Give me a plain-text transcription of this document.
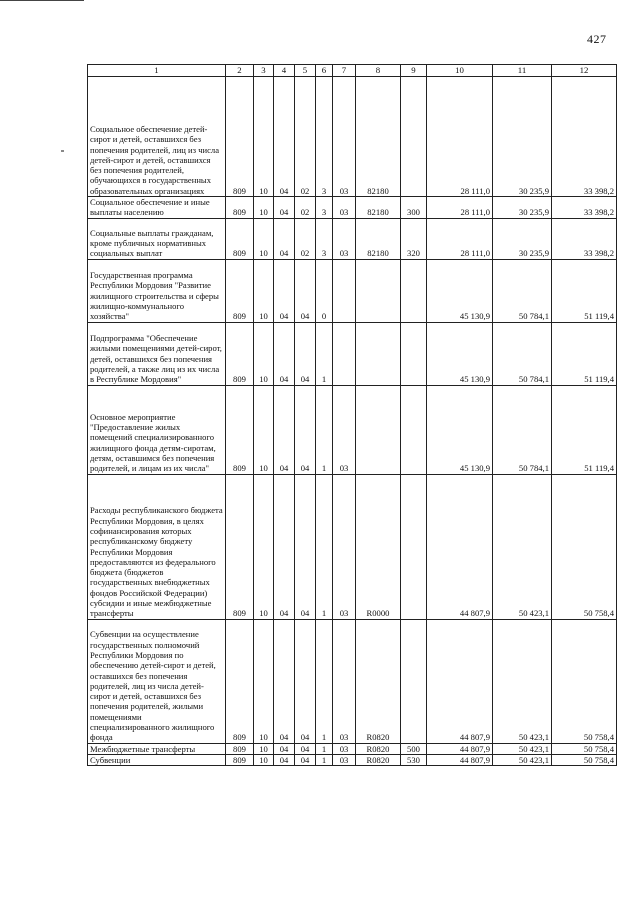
427
1	2	3	4	5	6	7	8	9	10	11	12
Социальное обеспечение детей-сирот и детей, оставшихся без попечения родителей, лиц из числа детей-сирот и детей, оставшихся без попечения родителей, обучающихся в государственных образовательных организациях	809	10	04	02	3	03	82180		28 111,0	30 235,9	33 398,2
Социальное обеспечение и иные выплаты населению	809	10	04	02	3	03	82180	300	28 111,0	30 235,9	33 398,2
Социальные выплаты гражданам, кроме публичных нормативных социальных выплат	809	10	04	02	3	03	82180	320	28 111,0	30 235,9	33 398,2
Государственная программа Республики Мордовия "Развитие жилищного строительства и сферы жилищно-коммунального хозяйства"	809	10	04	04	0				45 130,9	50 784,1	51 119,4
Подпрограмма "Обеспечение жилыми помещениями детей-сирот, детей, оставшихся без попечения родителей, а также лиц из их числа в Республике Мордовия"	809	10	04	04	1				45 130,9	50 784,1	51 119,4
Основное мероприятие "Предоставление жилых помещений специализированного жилищного фонда детям-сиротам, детям, оставшимся без попечения родителей, и лицам из их числа"	809	10	04	04	1	03			45 130,9	50 784,1	51 119,4
Расходы республиканского бюджета Республики Мордовия, в целях софинансирования которых республиканскому бюджету Республики Мордовия предоставляются из федерального бюджета (бюджетов государственных внебюджетных фондов Российской Федерации) субсидии и иные межбюджетные трансферты	809	10	04	04	1	03	R0000		44 807,9	50 423,1	50 758,4
Субвенции на осуществление государственных полномочий Республики Мордовия по обеспечению детей-сирот и детей, оставшихся без попечения родителей, лиц из числа детей-сирот и детей, оставшихся без попечения родителей, жилыми помещениями специализированного жилищного фонда	809	10	04	04	1	03	R0820		44 807,9	50 423,1	50 758,4
Межбюджетные трансферты	809	10	04	04	1	03	R0820	500	44 807,9	50 423,1	50 758,4
Субвенции	809	10	04	04	1	03	R0820	530	44 807,9	50 423,1	50 758,4
